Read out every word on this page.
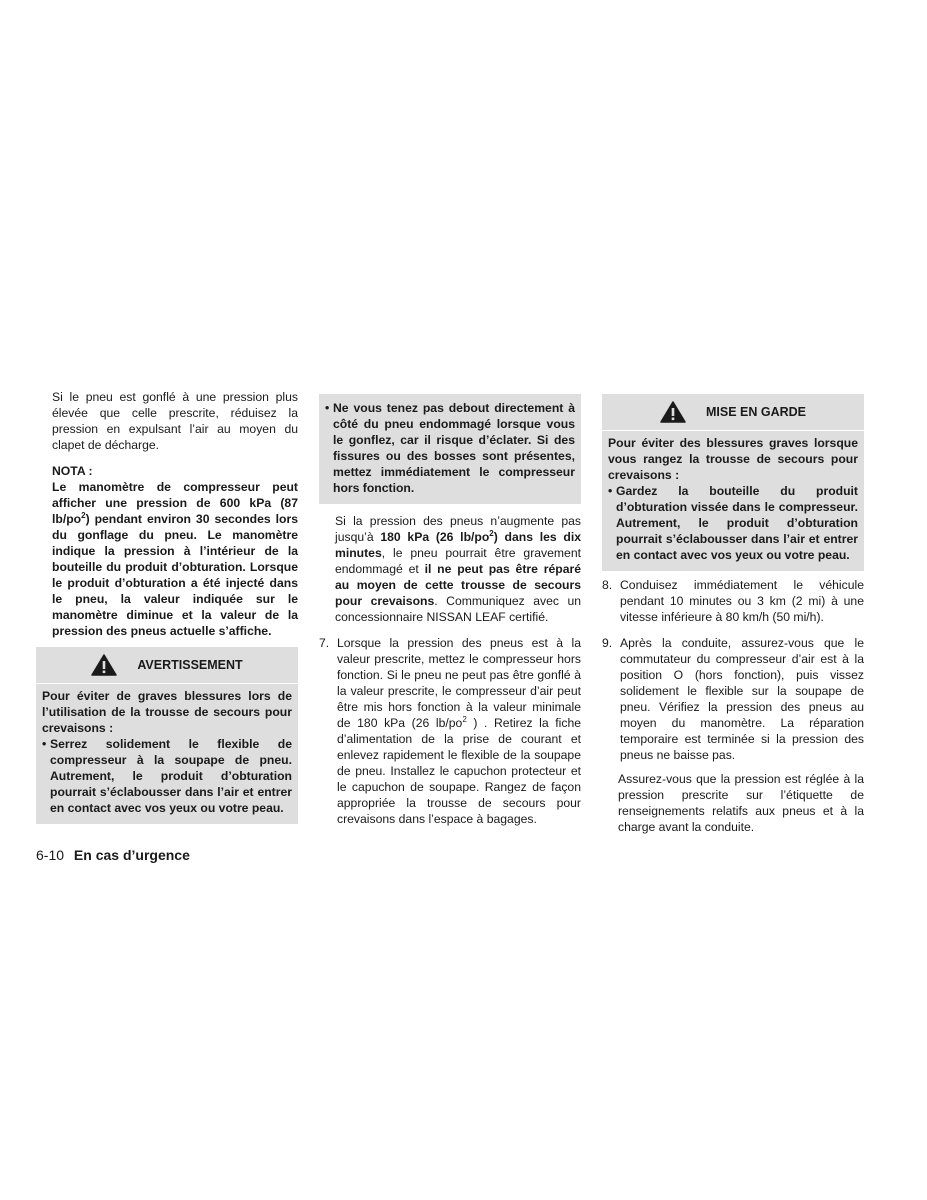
Si le pneu est gonflé à une pression plus élevée que celle prescrite, réduisez la pression en expulsant l’air au moyen du clapet de décharge.

NOTA :

Le manomètre de compresseur peut afficher une pression de 600 kPa (87 $lb/po^2$) pendant environ 30 secondes lors du gonflage du pneu. Le manomètre indique la pression à l’intérieur de la bouteille du produit d’obturation. Lorsque le produit d’obturation a été injecté dans le pneu, la valeur indiquée sur le manomètre diminue et la valeur de la pression des pneus actuelle s’affiche.

AVERTISSEMENT
Pour éviter de graves blessures lors de l’utilisation de la trousse de secours pour crevaisons :
• Serrez solidement le flexible de compresseur à la soupape de pneu. Autrement, le produit d’obturation pourrait s’éclabousser dans l’air et entrer en contact avec vos yeux ou votre peau.
• Ne vous tenez pas debout directement à côté du pneu endommagé lorsque vous le gonflez, car il risque d’éclater. Si des fissures ou des bosses sont présentes, mettez immédiatement le compresseur hors fonction.

Si la pression des pneus n’augmente pas jusqu’à 180 kPa (26 $lb/po^2$) dans les dix minutes, le pneu pourrait être gravement endommagé et il ne peut pas être réparé au moyen de cette trousse de secours pour crevaisons. Communiquez avec un concessionnaire NISSAN LEAF certifié.

7. Lorsque la pression des pneus est à la valeur prescrite, mettez le compresseur hors fonction. Si le pneu ne peut pas être gonflé à la valeur prescrite, le compresseur d’air peut être mis hors fonction à la valeur minimale de 180 kPa (26 $lb/po^2$ ) . Retirez la fiche d’alimentation de la prise de courant et enlevez rapidement le flexible de la soupape de pneu. Installez le capuchon protecteur et le capuchon de soupape. Rangez de façon appropriée la trousse de secours pour crevaisons dans l’espace à bagages.
MISE EN GARDE
Pour éviter des blessures graves lorsque vous rangez la trousse de secours pour crevaisons :
• Gardez la bouteille du produit d’obturation vissée dans le compresseur. Autrement, le produit d’obturation pourrait s’éclabousser dans l’air et entrer en contact avec vos yeux ou votre peau.
8. Conduisez immédiatement le véhicule pendant 10 minutes ou 3 km (2 mi) à une vitesse inférieure à 80 km/h (50 mi/h).
9. Après la conduite, assurez-vous que le commutateur du compresseur d’air est à la position O (hors fonction), puis vissez solidement le flexible sur la soupape de pneu. Vérifiez la pression des pneus au moyen du manomètre. La réparation temporaire est terminée si la pression des pneus ne baisse pas.

Assurez-vous que la pression est réglée à la pression prescrite sur l’étiquette de renseignements relatifs aux pneus et à la charge avant la conduite.

6-10 En cas d’urgence
